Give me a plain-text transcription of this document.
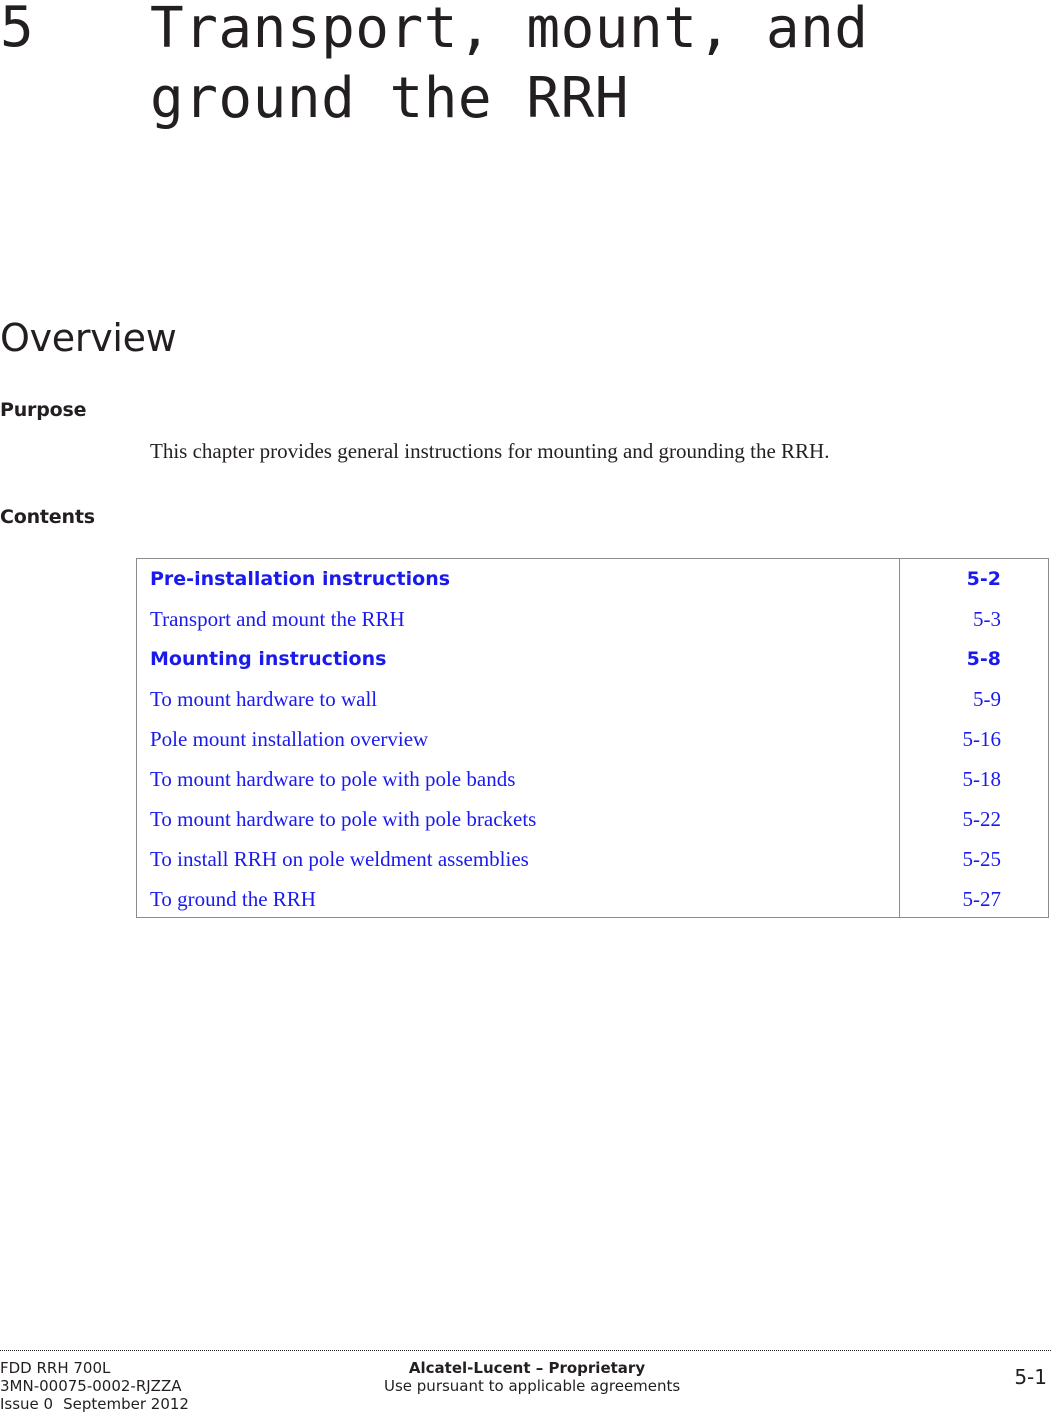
5 Transport, mount, and
ground the RRH
Overview
Purpose

This chapter provides general instructions for mounting and grounding the RRH.

Contents
Pre-installation instructions	5-2
Transport and mount the RRH	5-3
Mounting instructions	5-8
To mount hardware to wall	5-9
Pole mount installation overview	5-16
To mount hardware to pole with pole bands	5-18
To mount hardware to pole with pole brackets	5-22
To install RRH on pole weldment assemblies	5-25
To ground the RRH	5-27
FDD RRH 700L
3MN-00075-0002-RJZZA
Issue 0 September 2012
Alcatel-Lucent – Proprietary
Use pursuant to applicable agreements	5-1
